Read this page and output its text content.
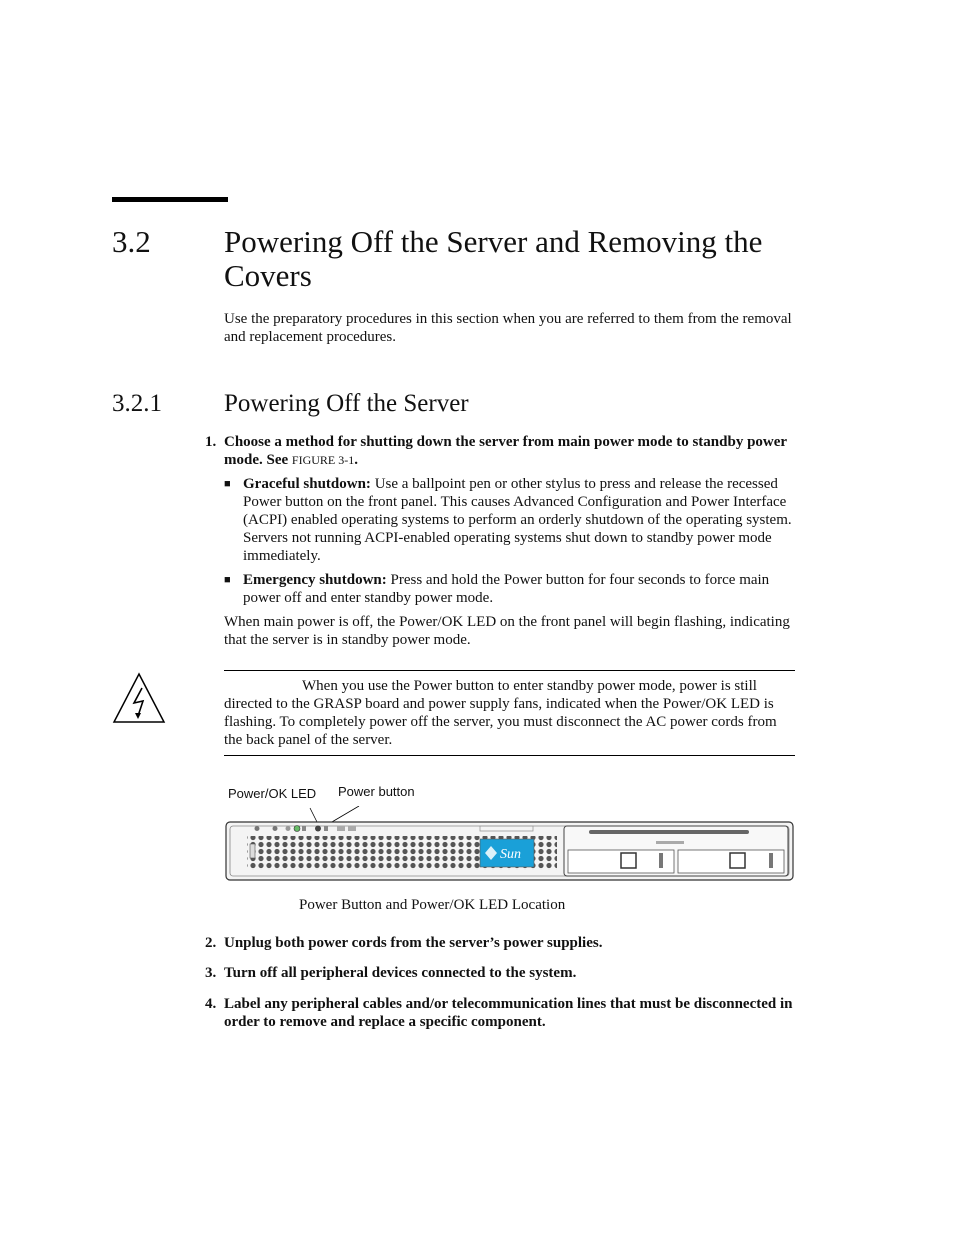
3.2 Powering Off the Server and Removing the Covers
Use the preparatory procedures in this section when you are referred to them from the removal and replacement procedures.
3.2.1 Powering Off the Server
1. Choose a method for shutting down the server from main power mode to standby power mode. See FIGURE 3-1.
■ Graceful shutdown: Use a ballpoint pen or other stylus to press and release the recessed Power button on the front panel. This causes Advanced Configuration and Power Interface (ACPI) enabled operating systems to perform an orderly shutdown of the operating system. Servers not running ACPI-enabled operating systems shut down to standby power mode immediately.
■ Emergency shutdown: Press and hold the Power button for four seconds to force main power off and enter standby power mode.
When main power is off, the Power/OK LED on the front panel will begin flashing, indicating that the server is in standby power mode.
When you use the Power button to enter standby power mode, power is still directed to the GRASP board and power supply fans, indicated when the Power/OK LED is flashing. To completely power off the server, you must disconnect the AC power cords from the back panel of the server.
Power/OK LED Power button
Sun
Power Button and Power/OK LED Location
2. Unplug both power cords from the server’s power supplies.
3. Turn off all peripheral devices connected to the system.
4. Label any peripheral cables and/or telecommunication lines that must be disconnected in order to remove and replace a specific component.
